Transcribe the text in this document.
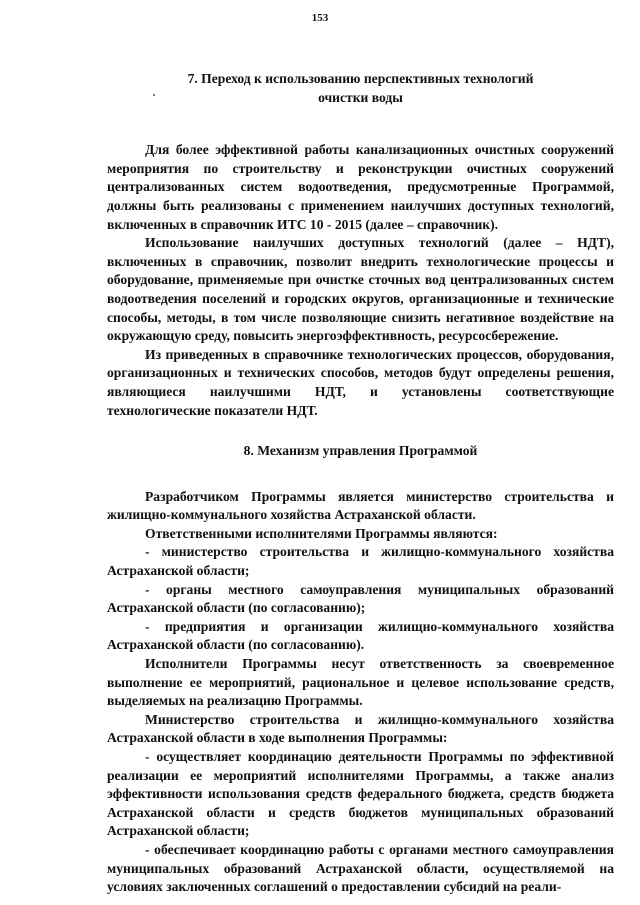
153
7. Переход к использованию перспективных технологий
очистки воды

Для более эффективной работы канализационных очистных сооружений мероприятия по строительству и реконструкции очистных сооружений централизованных систем водоотведения, предусмотренные Программой, должны быть реализованы с применением наилучших доступных технологий, включенных в справочник ИТС 10 - 2015 (далее – справочник).

Использование наилучших доступных технологий (далее – НДТ), включенных в справочник, позволит внедрить технологические процессы и оборудование, применяемые при очистке сточных вод централизованных систем водоотведения поселений и городских округов, организационные и технические способы, методы, в том числе позволяющие снизить негативное воздействие на окружающую среду, повысить энергоэффективность, ресурсосбережение.

Из приведенных в справочнике технологических процессов, оборудования, организационных и технических способов, методов будут определены решения, являющиеся наилучшими НДТ, и установлены соответствующие технологические показатели НДТ.

8. Механизм управления Программой

Разработчиком Программы является министерство строительства и жилищно-коммунального хозяйства Астраханской области.

Ответственными исполнителями Программы являются:

- министерство строительства и жилищно-коммунального хозяйства Астраханской области;

- органы местного самоуправления муниципальных образований Астраханской области (по согласованию);

- предприятия и организации жилищно-коммунального хозяйства Астраханской области (по согласованию).

Исполнители Программы несут ответственность за своевременное выполнение ее мероприятий, рациональное и целевое использование средств, выделяемых на реализацию Программы.

Министерство строительства и жилищно-коммунального хозяйства Астраханской области в ходе выполнения Программы:

- осуществляет координацию деятельности Программы по эффективной реализации ее мероприятий исполнителями Программы, а также анализ эффективности использования средств федерального бюджета, средств бюджета Астраханской области и средств бюджетов муниципальных образований Астраханской области;

- обеспечивает координацию работы с органами местного самоуправления муниципальных образований Астраханской области, осуществляемой на условиях заключенных соглашений о предоставлении субсидий на реали-
